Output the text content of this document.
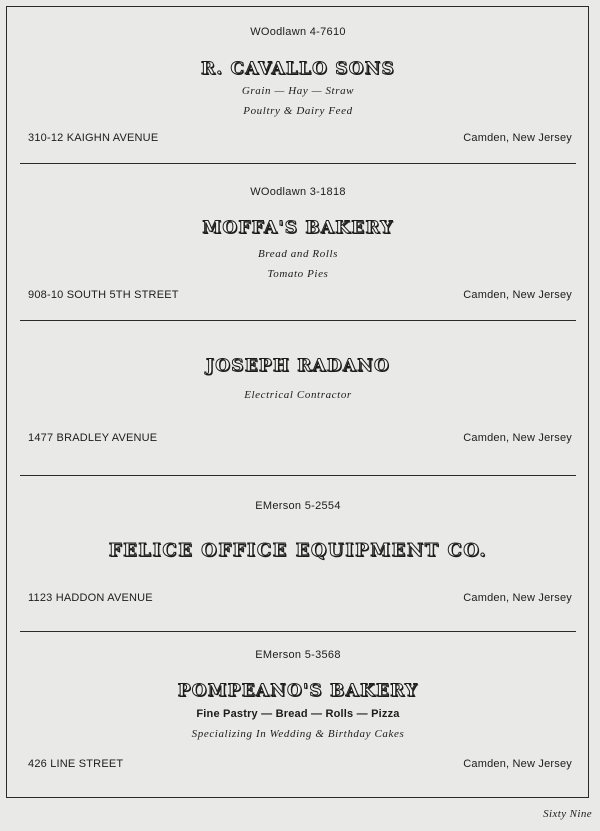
WOodlawn 4-7610
R. CAVALLO SONS
Grain — Hay — Straw
Poultry & Dairy Feed
310-12 KAIGHN AVENUE	Camden, New Jersey
WOodlawn 3-1818
MOFFA'S BAKERY
Bread and Rolls
Tomato Pies
908-10 SOUTH 5TH STREET	Camden, New Jersey
JOSEPH RADANO
Electrical Contractor
1477 BRADLEY AVENUE	Camden, New Jersey
EMerson 5-2554
FELICE OFFICE EQUIPMENT CO.
1123 HADDON AVENUE	Camden, New Jersey
EMerson 5-3568
POMPEANO'S BAKERY
Fine Pastry — Bread — Rolls — Pizza
Specializing In Wedding & Birthday Cakes
426 LINE STREET	Camden, New Jersey
Sixty Nine
